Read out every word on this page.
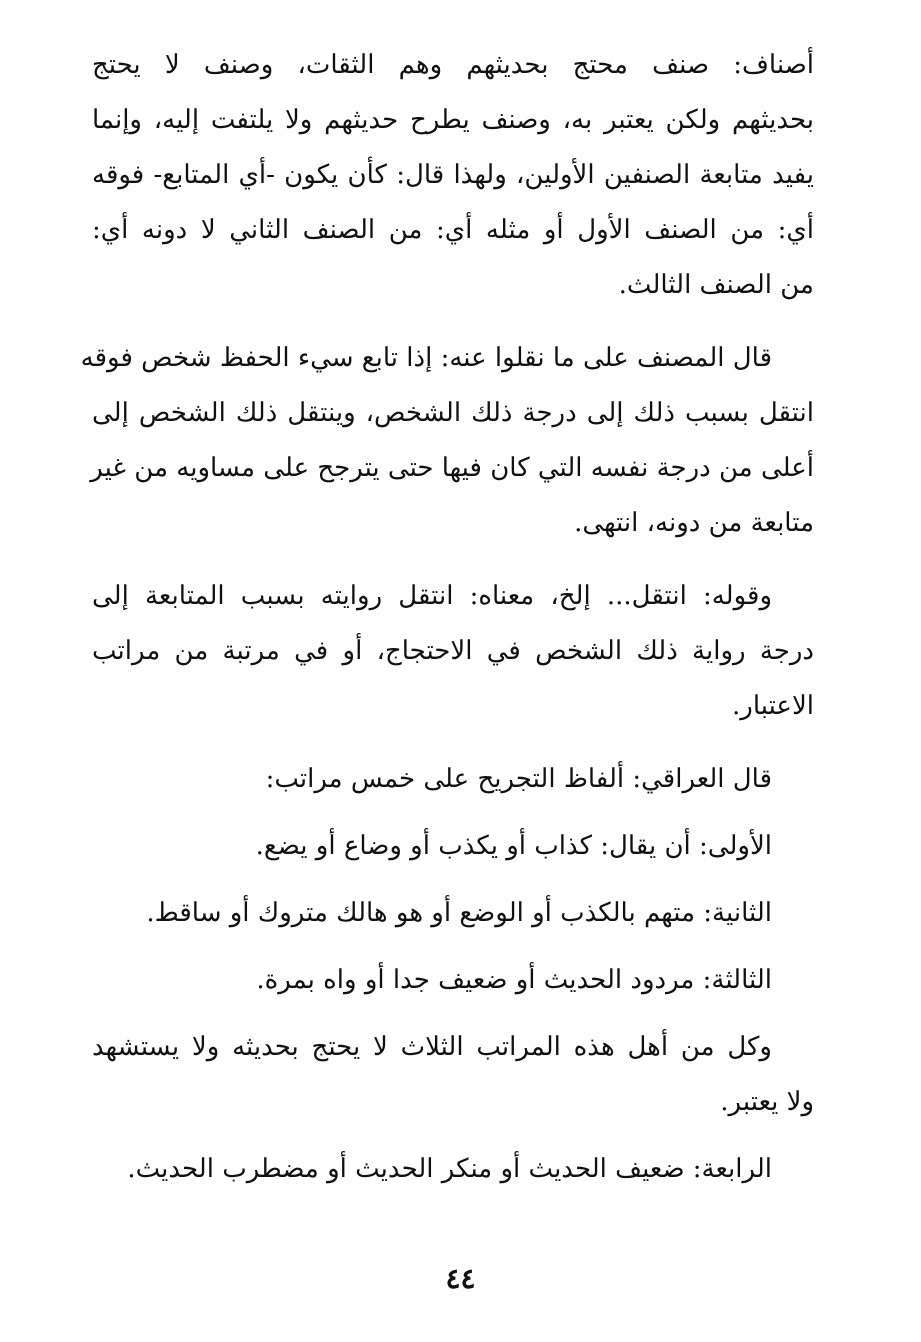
أصناف: صنف محتج بحديثهم وهم الثقات، وصنف لا يحتج
بحديثهم ولكن يعتبر به، وصنف يطرح حديثهم ولا يلتفت إليه، وإنما
يفيد متابعة الصنفين الأولين، ولهذا قال: كأن يكون -أي المتابع- فوقه
أي: من الصنف الأول أو مثله أي: من الصنف الثاني لا دونه أي:
من الصنف الثالث.
قال المصنف على ما نقلوا عنه: إذا تابع سيء الحفظ شخص فوقه
انتقل بسبب ذلك إلى درجة ذلك الشخص، وينتقل ذلك الشخص إلى
أعلى من درجة نفسه التي كان فيها حتى يترجح على مساويه من غير
متابعة من دونه، انتهى.
وقوله: انتقل... إلخ، معناه: انتقل روايته بسبب المتابعة إلى
درجة رواية ذلك الشخص في الاحتجاج، أو في مرتبة من مراتب
الاعتبار.
قال العراقي: ألفاظ التجريح على خمس مراتب:
الأولى: أن يقال: كذاب أو يكذب أو وضاع أو يضع.
الثانية: متهم بالكذب أو الوضع أو هو هالك متروك أو ساقط.
الثالثة: مردود الحديث أو ضعيف جدا أو واه بمرة.
وكل من أهل هذه المراتب الثلاث لا يحتج بحديثه ولا يستشهد
ولا يعتبر.
الرابعة: ضعيف الحديث أو منكر الحديث أو مضطرب الحديث.
٤٤
